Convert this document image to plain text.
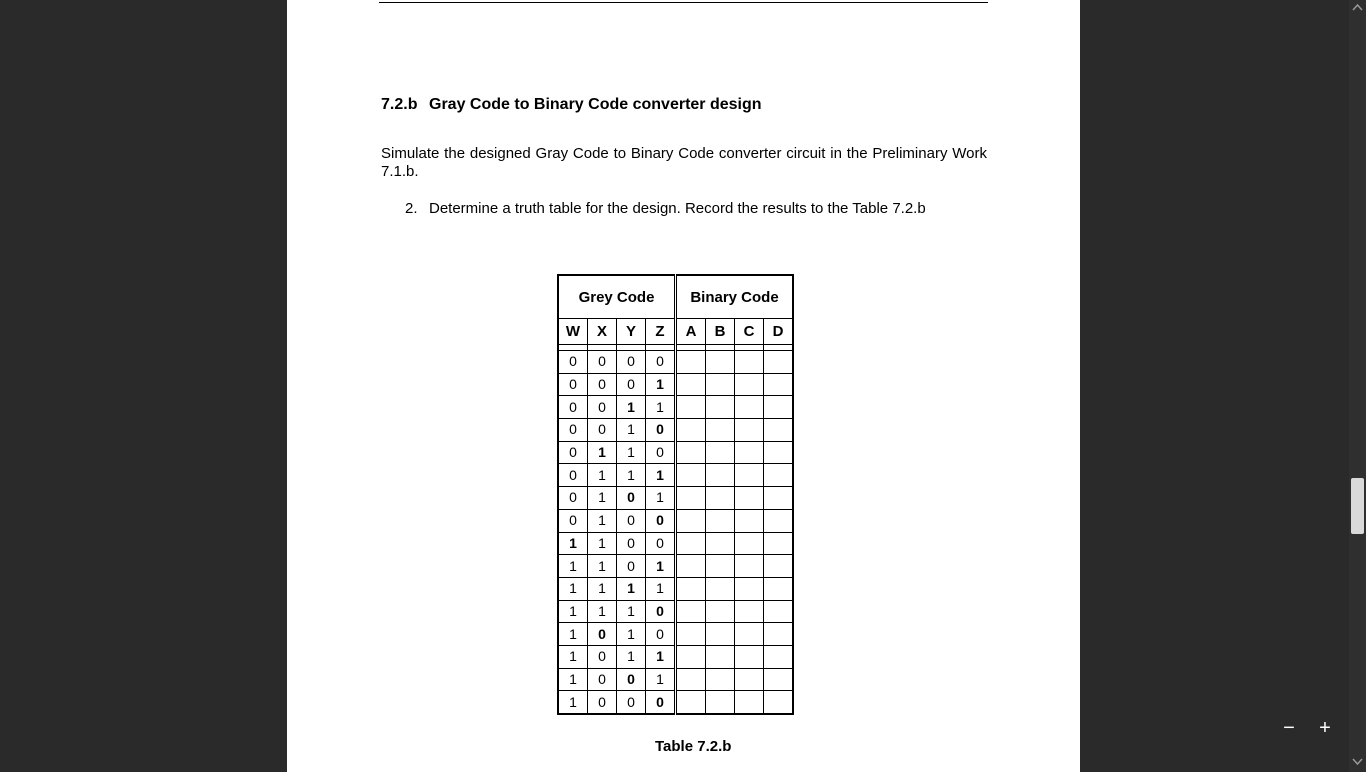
7.2.b Gray Code to Binary Code converter design
Simulate the designed Gray Code to Binary Code converter circuit in the Preliminary Work 7.1.b.
2. Determine a truth table for the design. Record the results to the Table 7.2.b
Grey Code				Binary Code			
W	X	Y	Z	A	B	C	D

0	0	0	0				
0	0	0	1				
0	0	1	1				
0	0	1	0				
0	1	1	0				
0	1	1	1				
0	1	0	1				
0	1	0	0				
1	1	0	0				
1	1	0	1				
1	1	1	1				
1	1	1	0				
1	0	1	0				
1	0	1	1				
1	0	0	1				
1	0	0	0				
Table 7.2.b
−	+
